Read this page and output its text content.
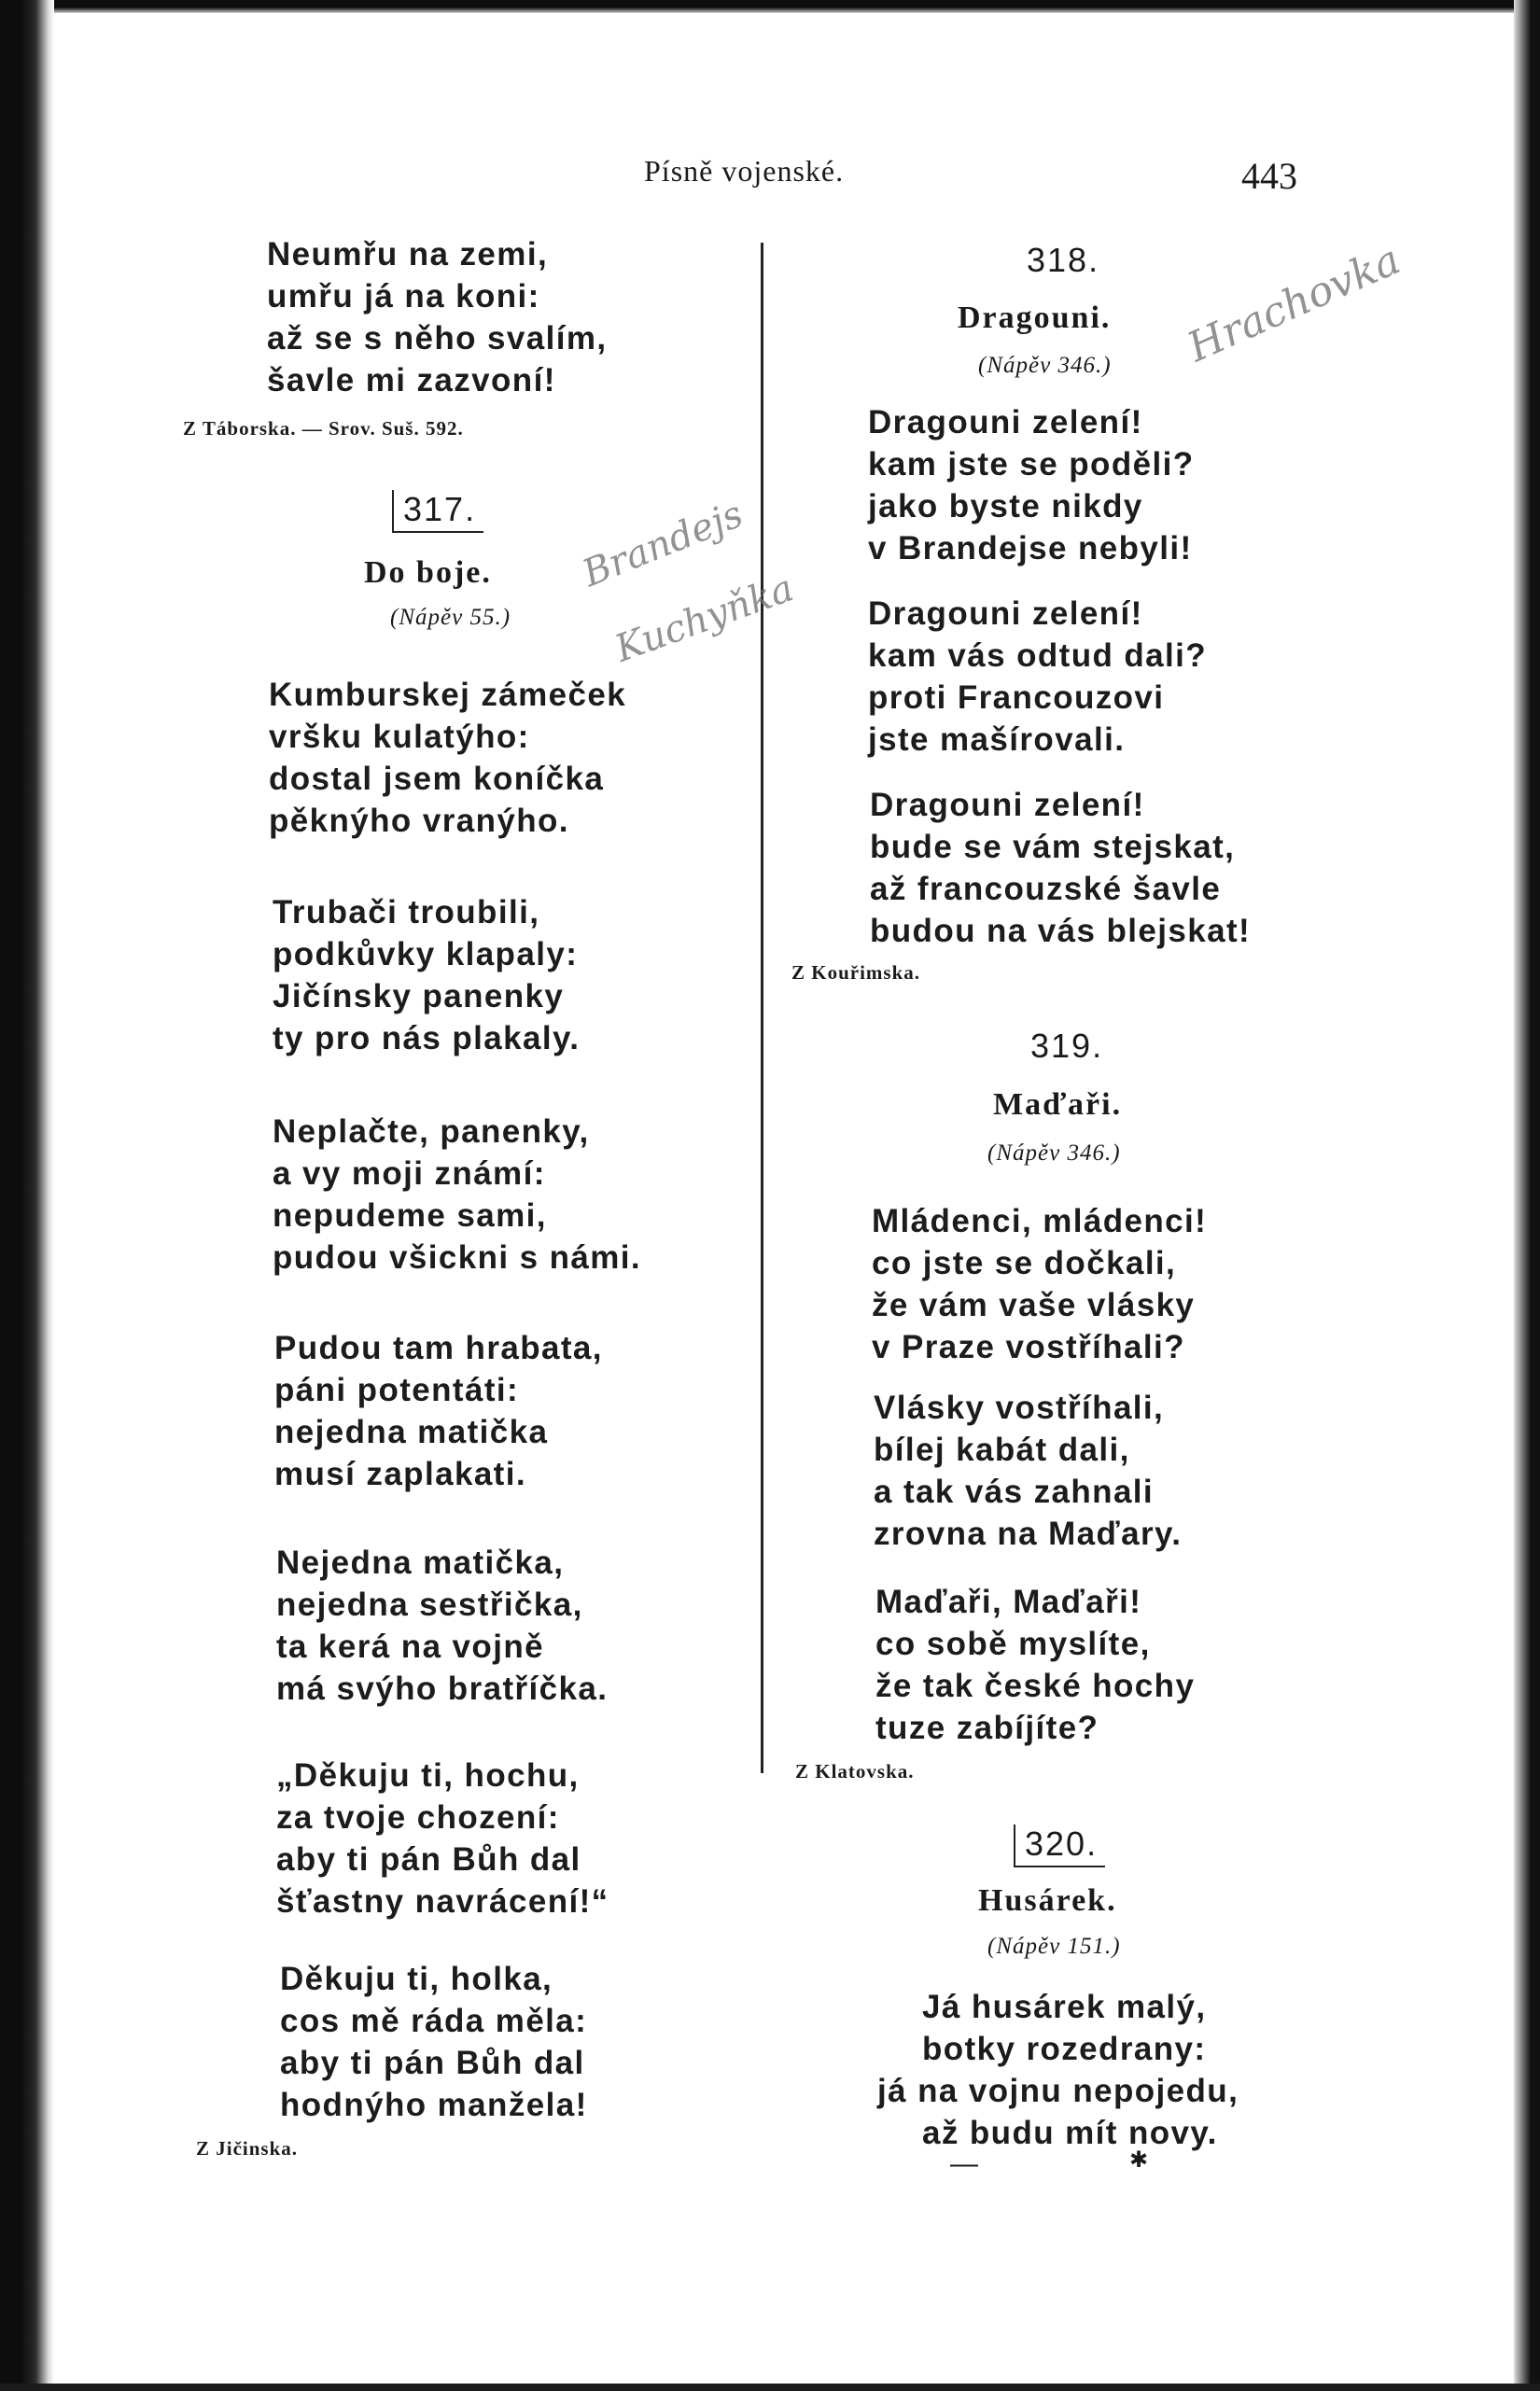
Písně vojenské.	443
Neumřu na zemi,
umřu já na koni:
až se s něho svalím,
šavle mi zazvoní!
Z Táborska. — Srov. Suš. 592.
317.
Do boje.
(Nápěv 55.)
Kumburskej zámeček
vršku kulatýho:
dostal jsem koníčka
pěknýho vranýho.
Trubači troubili,
podkůvky klapaly:
Jičínsky panenky
ty pro nás plakaly.
Neplačte, panenky,
a vy moji známí:
nepudeme sami,
pudou všickni s námi.
Pudou tam hrabata,
páni potentáti:
nejedna matička
musí zaplakati.
Nejedna matička,
nejedna sestřička,
ta kerá na vojně
má svýho bratříčka.
„Děkuju ti, hochu,
za tvoje chození:
aby ti pán Bůh dal
šťastny navrácení!“
Děkuju ti, holka,
cos mě ráda měla:
aby ti pán Bůh dal
hodnýho manžela!
Z Jičinska.
318.
Dragouni.
(Nápěv 346.)
Dragouni zelení!
kam jste se poděli?
jako byste nikdy
v Brandejse nebyli!
Dragouni zelení!
kam vás odtud dali?
proti Francouzovi
jste mašírovali.
Dragouni zelení!
bude se vám stejskat,
až francouzské šavle
budou na vás blejskat!
Z Kouřimska.
319.
Maďaři.
(Nápěv 346.)
Mládenci, mládenci!
co jste se dočkali,
že vám vaše vlásky
v Praze vostříhali?
Vlásky vostříhali,
bílej kabát dali,
a tak vás zahnali
zrovna na Maďary.
Maďaři, Maďaři!
co sobě myslíte,
že tak české hochy
tuze zabíjíte?
Z Klatovska.
320.
Husárek.
(Nápěv 151.)
Já husárek malý,
botky rozedrany:
já na vojnu nepojedu,
až budu mít novy.
—	✱
Brandejs
Kuchyňka
Hrachovka
